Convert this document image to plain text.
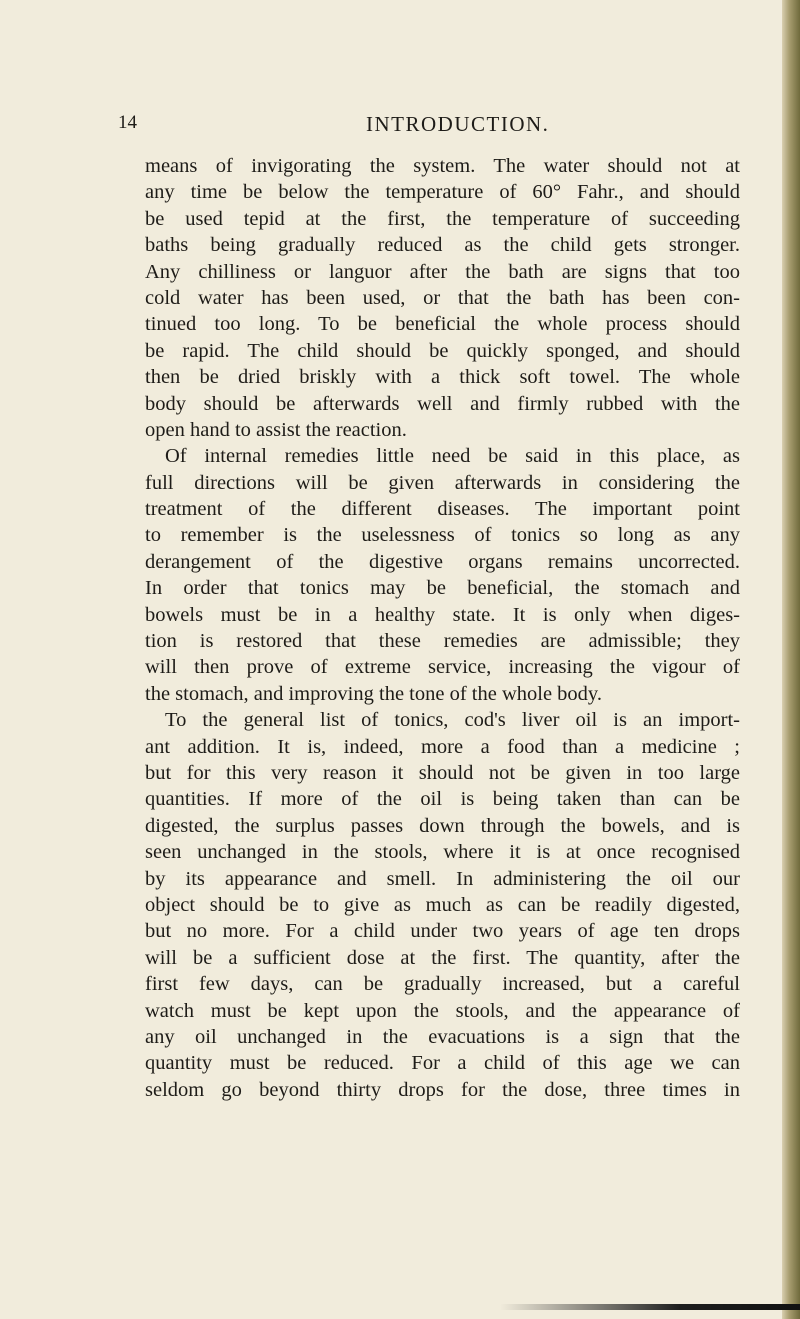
14	INTRODUCTION.
means of invigorating the system. The water should not at
any time be below the temperature of 60° Fahr., and should
be used tepid at the first, the temperature of succeeding
baths being gradually reduced as the child gets stronger.
Any chilliness or languor after the bath are signs that too
cold water has been used, or that the bath has been con-
tinued too long. To be beneficial the whole process should
be rapid. The child should be quickly sponged, and should
then be dried briskly with a thick soft towel. The whole
body should be afterwards well and firmly rubbed with the
open hand to assist the reaction.
Of internal remedies little need be said in this place, as
full directions will be given afterwards in considering the
treatment of the different diseases. The important point
to remember is the uselessness of tonics so long as any
derangement of the digestive organs remains uncorrected.
In order that tonics may be beneficial, the stomach and
bowels must be in a healthy state. It is only when diges-
tion is restored that these remedies are admissible; they
will then prove of extreme service, increasing the vigour of
the stomach, and improving the tone of the whole body.
To the general list of tonics, cod's liver oil is an import-
ant addition. It is, indeed, more a food than a medicine ;
but for this very reason it should not be given in too large
quantities. If more of the oil is being taken than can be
digested, the surplus passes down through the bowels, and is
seen unchanged in the stools, where it is at once recognised
by its appearance and smell. In administering the oil our
object should be to give as much as can be readily digested,
but no more. For a child under two years of age ten drops
will be a sufficient dose at the first. The quantity, after the
first few days, can be gradually increased, but a careful
watch must be kept upon the stools, and the appearance of
any oil unchanged in the evacuations is a sign that the
quantity must be reduced. For a child of this age we can
seldom go beyond thirty drops for the dose, three times in
